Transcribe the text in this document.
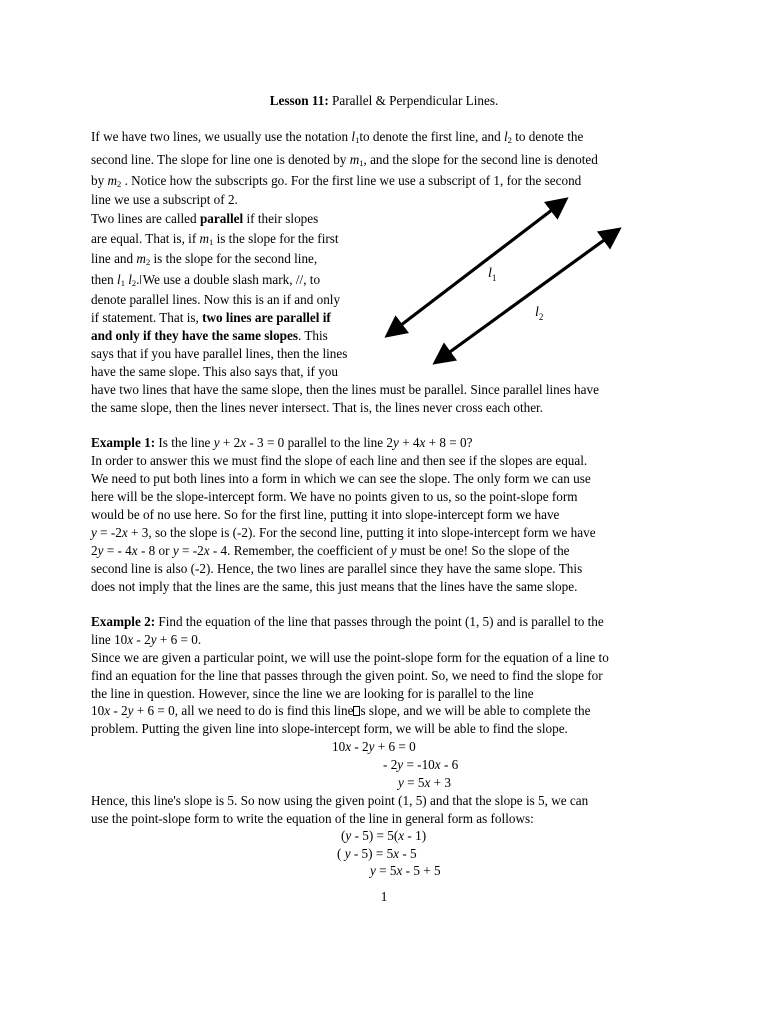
Lesson 11: Parallel & Perpendicular Lines.
If we have two lines, we usually use the notation $l_1to$ denote the first line, and $l_2$ to denote the
second line. The slope for line one is denoted by $m_1$, and the slope for the second line is denoted
by $m_2$ . Notice how the subscripts go. For the first line we use a subscript of 1, for the second
line we use a subscript of 2.
Two lines are called parallel if their slopes
are equal. That is, if $m_1$ is the slope for the first
line and $m_2$ is the slope for the second line,
then $l_1$ $l_2$. We use a double slash mark, //, to
denote parallel lines. Now this is an if and only
if statement. That is, two lines are parallel if
and only if they have the same slopes. This
says that if you have parallel lines, then the lines
have the same slope. This also says that, if you
have two lines that have the same slope, then the lines must be parallel. Since parallel lines have
the same slope, then the lines never intersect. That is, the lines never cross each other.
$l_1$
$l_2$
Example 1: Is the line y + 2x - 3 = 0 parallel to the line 2y + 4x + 8 = 0?
In order to answer this we must find the slope of each line and then see if the slopes are equal.
We need to put both lines into a form in which we can see the slope. The only form we can use
here will be the slope-intercept form. We have no points given to us, so the point-slope form
would be of no use here. So for the first line, putting it into slope-intercept form we have
y = -2x + 3, so the slope is (-2). For the second line, putting it into slope-intercept form we have
2y = - 4x - 8 or y = -2x - 4. Remember, the coefficient of y must be one! So the slope of the
second line is also (-2). Hence, the two lines are parallel since they have the same slope. This
does not imply that the lines are the same, this just means that the lines have the same slope.
Example 2: Find the equation of the line that passes through the point (1, 5) and is parallel to the
line 10x - 2y + 6 = 0.
Since we are given a particular point, we will use the point-slope form for the equation of a line to
find an equation for the line that passes through the given point. So, we need to find the slope for
the line in question. However, since the line we are looking for is parallel to the line
10x - 2y + 6 = 0, all we need to do is find this line s slope, and we will be able to complete the
problem. Putting the given line into slope-intercept form, we will be able to find the slope.
10x - 2y + 6 = 0
- 2y = -10x - 6
y = 5x + 3
Hence, this line's slope is 5. So now using the given point (1, 5) and that the slope is 5, we can
use the point-slope form to write the equation of the line in general form as follows:
(y - 5) = 5(x - 1)
( y - 5) = 5x - 5
y = 5x - 5 + 5
1
